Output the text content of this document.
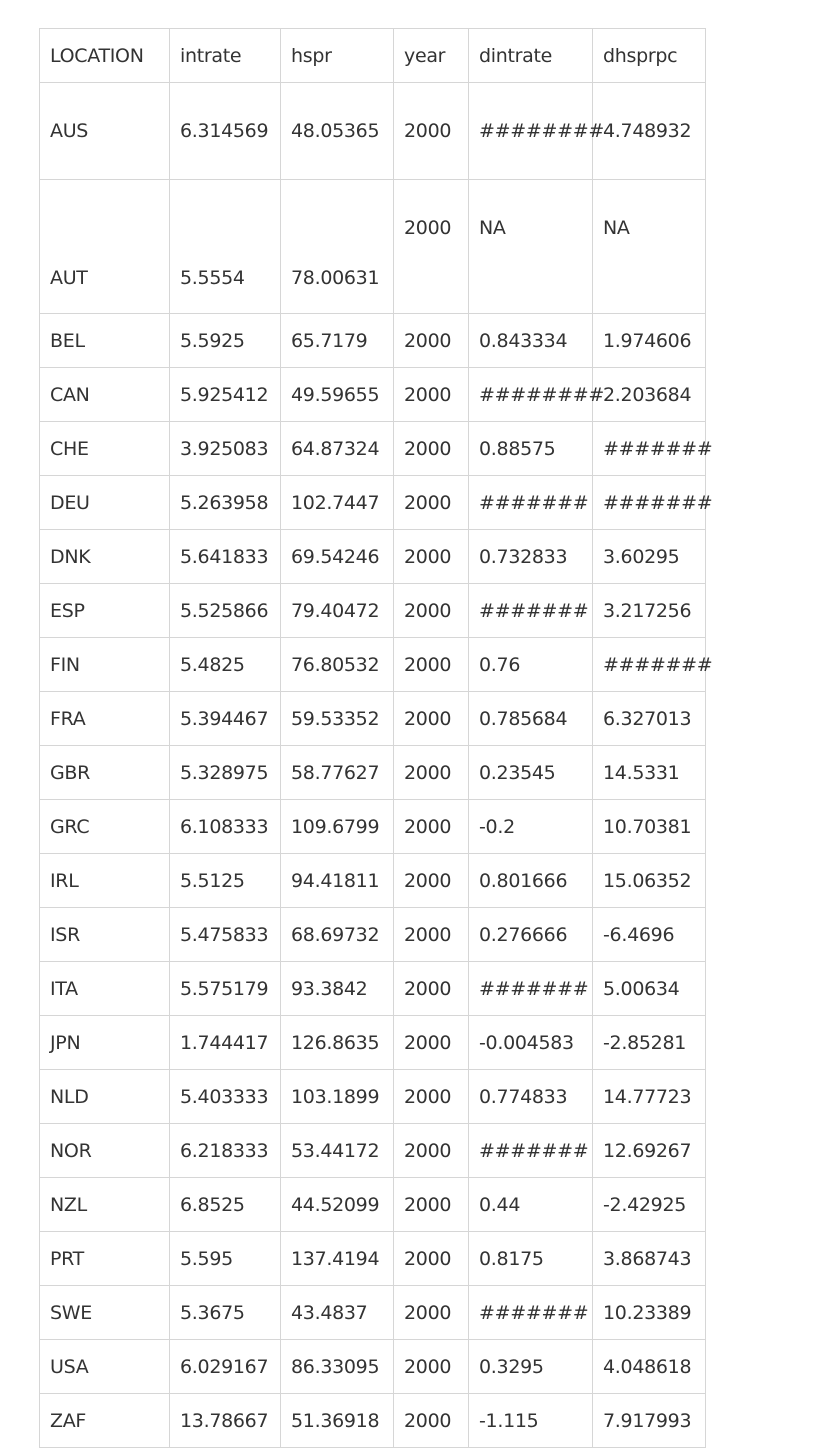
LOCATION	intrate	hspr	year	dintrate	dhsprpc
AUS	6.314569	48.05365	2000	########	4.748932
AUT	5.5554	78.00631	2000	NA	NA
BEL	5.5925	65.7179	2000	0.843334	1.974606
CAN	5.925412	49.59655	2000	########	2.203684
CHE	3.925083	64.87324	2000	0.88575	#######
DEU	5.263958	102.7447	2000	#######	#######
DNK	5.641833	69.54246	2000	0.732833	3.60295
ESP	5.525866	79.40472	2000	#######	3.217256
FIN	5.4825	76.80532	2000	0.76	#######
FRA	5.394467	59.53352	2000	0.785684	6.327013
GBR	5.328975	58.77627	2000	0.23545	14.5331
GRC	6.108333	109.6799	2000	-0.2	10.70381
IRL	5.5125	94.41811	2000	0.801666	15.06352
ISR	5.475833	68.69732	2000	0.276666	-6.4696
ITA	5.575179	93.3842	2000	#######	5.00634
JPN	1.744417	126.8635	2000	-0.004583	-2.85281
NLD	5.403333	103.1899	2000	0.774833	14.77723
NOR	6.218333	53.44172	2000	#######	12.69267
NZL	6.8525	44.52099	2000	0.44	-2.42925
PRT	5.595	137.4194	2000	0.8175	3.868743
SWE	5.3675	43.4837	2000	#######	10.23389
USA	6.029167	86.33095	2000	0.3295	4.048618
ZAF	13.78667	51.36918	2000	-1.115	7.917993
